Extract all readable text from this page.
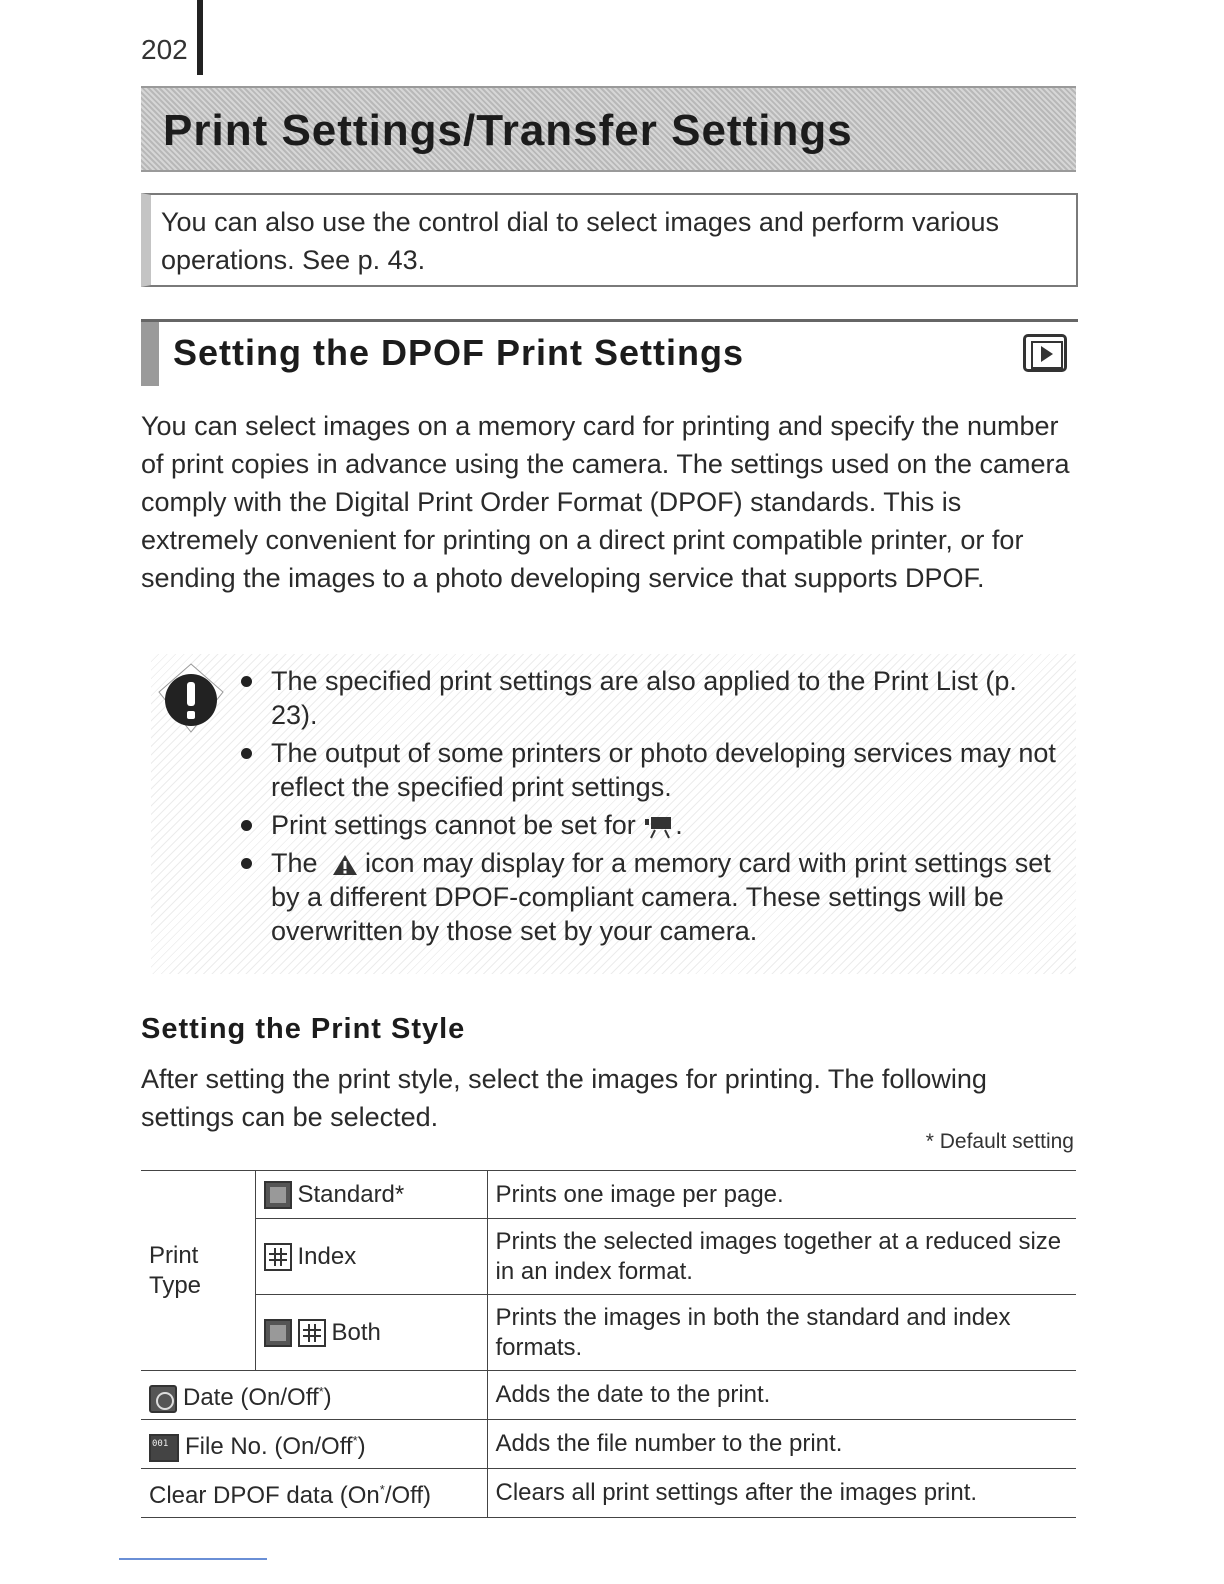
202
Print Settings/Transfer Settings

You can also use the control dial to select images and perform various operations. See p. 43.

Setting the DPOF Print Settings

You can select images on a memory card for printing and specify the number of print copies in advance using the camera. The settings used on the camera comply with the Digital Print Order Format (DPOF) standards. This is extremely convenient for printing on a direct print compatible printer, or for sending the images to a photo developing service that supports DPOF.

The specified print settings are also applied to the Print List (p. 23).
The output of some printers or photo developing services may not reflect the specified print settings.
Print settings cannot be set for .
The icon may display for a memory card with print settings set by a different DPOF-compliant camera. These settings will be overwritten by those set by your camera.
Setting the Print Style

After setting the print style, select the images for printing. The following settings can be selected.

* Default setting
Print Type	Standard*	Prints one image per page.
	Index	Prints the selected images together at a reduced size in an index format.
	Both	Prints the images in both the standard and index formats.
Date (On/Off*)		Adds the date to the print.
001File No. (On/Off*)		Adds the file number to the print.
Clear DPOF data (On*/Off)		Clears all print settings after the images print.
